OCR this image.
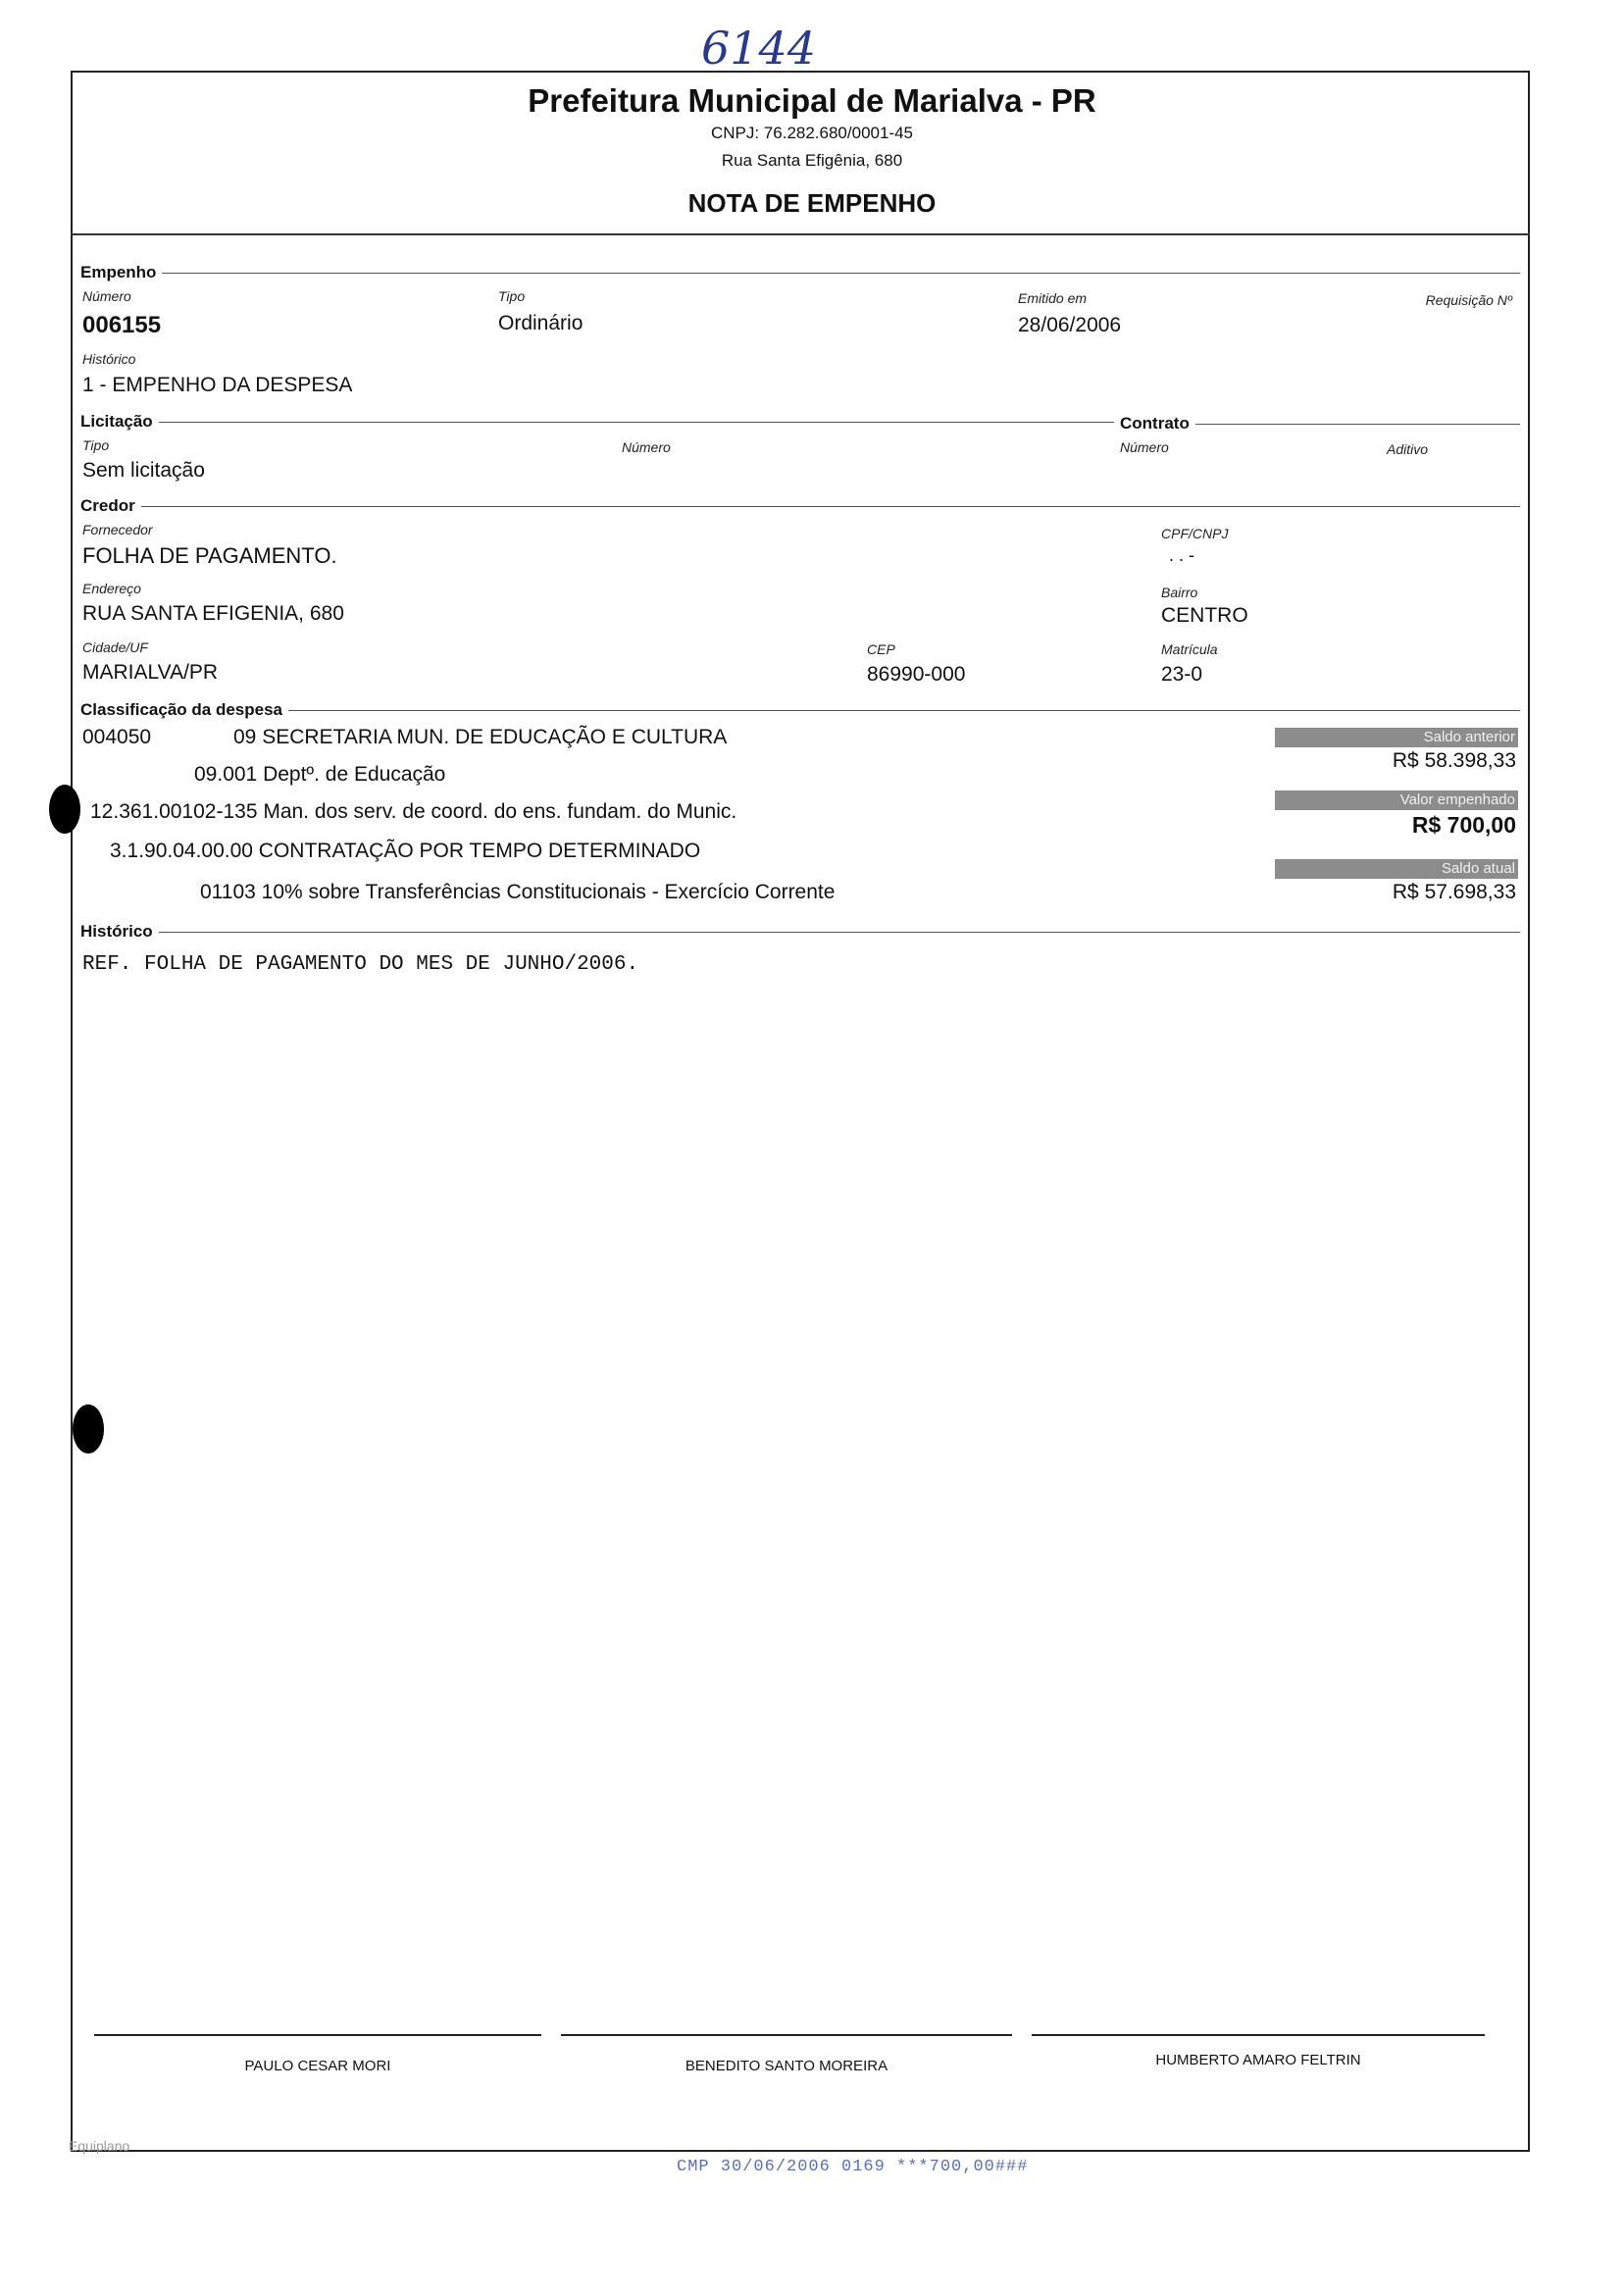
6144
Prefeitura Municipal de Marialva - PR
CNPJ: 76.282.680/0001-45
Rua Santa Efigênia, 680
NOTA DE EMPENHO
Empenho
Número
006155
Tipo
Ordinário
Emitido em
28/06/2006
Requisição Nº
Histórico
1 - EMPENHO DA DESPESA
Licitação	Contrato
Tipo
Sem licitação
Número	Número	Aditivo
Credor
Fornecedor
FOLHA DE PAGAMENTO.
CPF/CNPJ
. . -
Endereço
RUA SANTA EFIGENIA, 680
Bairro
CENTRO
Cidade/UF
MARIALVA/PR
CEP
86990-000
Matrícula
23-0
Classificação da despesa
004050	09 SECRETARIA MUN. DE EDUCAÇÃO E CULTURA
09.001 Deptº. de Educação
12.361.00102-135 Man. dos serv. de coord. do ens. fundam. do Munic.
3.1.90.04.00.00 CONTRATAÇÃO POR TEMPO DETERMINADO
01103 10% sobre Transferências Constitucionais - Exercício Corrente
Saldo anterior
R$ 58.398,33
Valor empenhado
R$ 700,00
Saldo atual
R$ 57.698,33
Histórico
REF. FOLHA DE PAGAMENTO DO MES DE JUNHO/2006.
PAULO CESAR MORI	BENEDITO SANTO MOREIRA	HUMBERTO AMARO FELTRIN
Equiplano
CMP 30/06/2006 0169 ***700,00###
